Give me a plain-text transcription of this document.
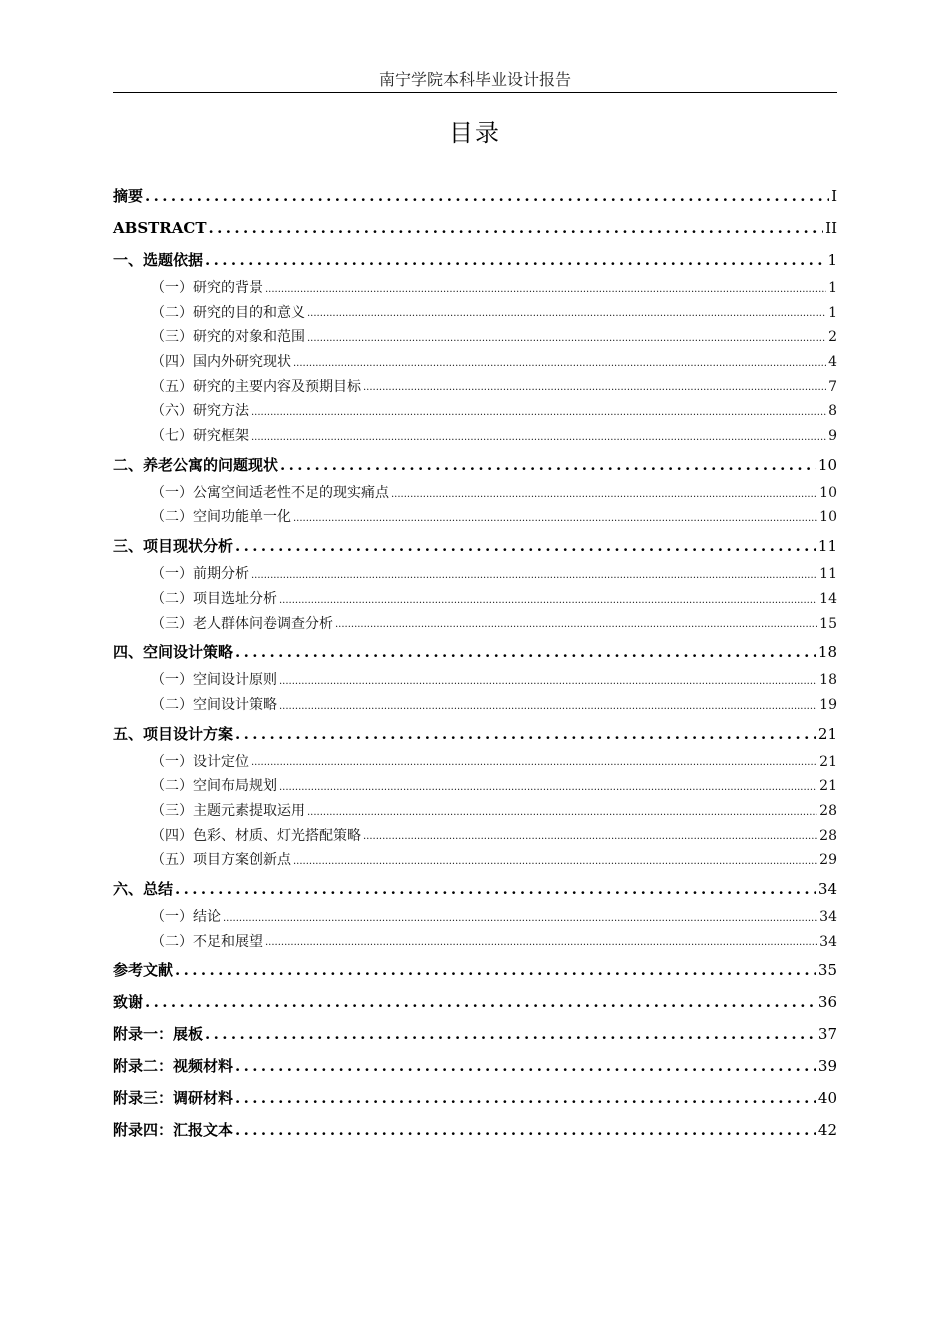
南宁学院本科毕业设计报告
目录
摘要 .....	I
ABSTRACT .....	II
一、选题依据 .....	1
（一）研究的背景 .....	1
（二）研究的目的和意义 .....	1
（三）研究的对象和范围 .....	2
（四）国内外研究现状 .....	4
（五）研究的主要内容及预期目标 .....	7
（六）研究方法 .....	8
（七）研究框架 .....	9
二、养老公寓的问题现状 .....	10
（一）公寓空间适老性不足的现实痛点 .....	10
（二）空间功能单一化 .....	10
三、项目现状分析 .....	11
（一）前期分析 .....	11
（二）项目选址分析 .....	14
（三）老人群体问卷调查分析 .....	15
四、空间设计策略 .....	18
（一）空间设计原则 .....	18
（二）空间设计策略 .....	19
五、项目设计方案 .....	21
（一）设计定位 .....	21
（二）空间布局规划 .....	21
（三）主题元素提取运用 .....	28
（四）色彩、材质、灯光搭配策略 .....	28
（五）项目方案创新点 .....	29
六、总结 .....	34
（一）结论 .....	34
（二）不足和展望 .....	34
参考文献 .....	35
致谢 .....	36
附录一：展板 .....	37
附录二：视频材料 .....	39
附录三：调研材料 .....	40
附录四：汇报文本 .....	42
